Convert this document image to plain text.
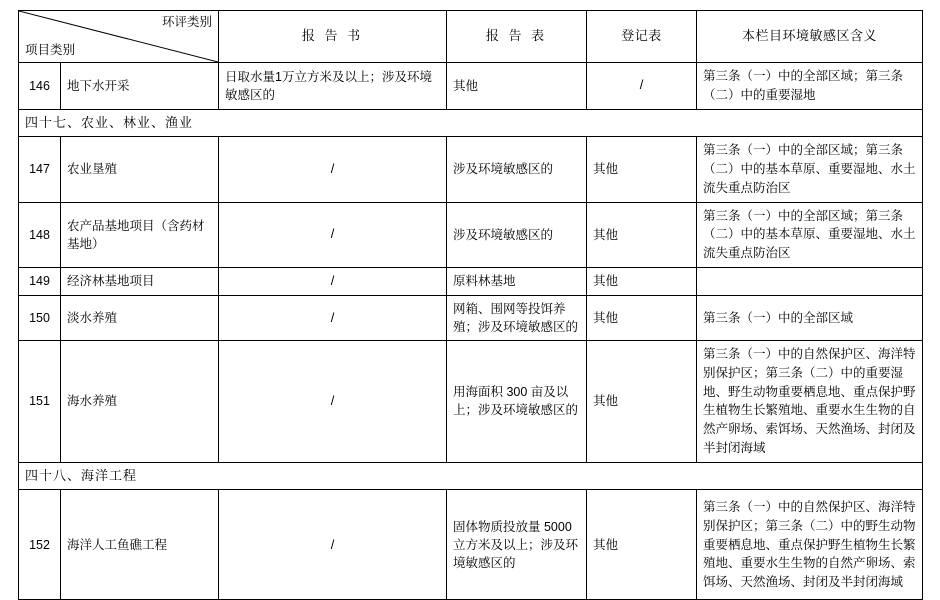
环评类别
项目类别		报 告 书	报 告 表	登记表	本栏目环境敏感区含义
146	地下水开采	日取水量1万立方米及以上；涉及环境敏感区的	其他	/	第三条（一）中的全部区域；第三条（二）中的重要湿地
四十七、农业、林业、渔业					
147	农业垦殖	/	涉及环境敏感区的	其他	第三条（一）中的全部区域；第三条（二）中的基本草原、重要湿地、水土流失重点防治区
148	农产品基地项目（含药材基地）	/	涉及环境敏感区的	其他	第三条（一）中的全部区域；第三条（二）中的基本草原、重要湿地、水土流失重点防治区
149	经济林基地项目	/	原料林基地	其他	
150	淡水养殖	/	网箱、围网等投饵养殖；涉及环境敏感区的	其他	第三条（一）中的全部区域
151	海水养殖	/	用海面积 300 亩及以上；涉及环境敏感区的	其他	第三条（一）中的自然保护区、海洋特别保护区；第三条（二）中的重要湿地、野生动物重要栖息地、重点保护野生植物生长繁殖地、重要水生生物的自然产卵场、索饵场、天然渔场、封闭及半封闭海域
四十八、海洋工程					
152	海洋人工鱼礁工程	/	固体物质投放量 5000 立方米及以上；涉及环境敏感区的	其他	第三条（一）中的自然保护区、海洋特别保护区；第三条（二）中的野生动物重要栖息地、重点保护野生植物生长繁殖地、重要水生生物的自然产卵场、索饵场、天然渔场、封闭及半封闭海域
